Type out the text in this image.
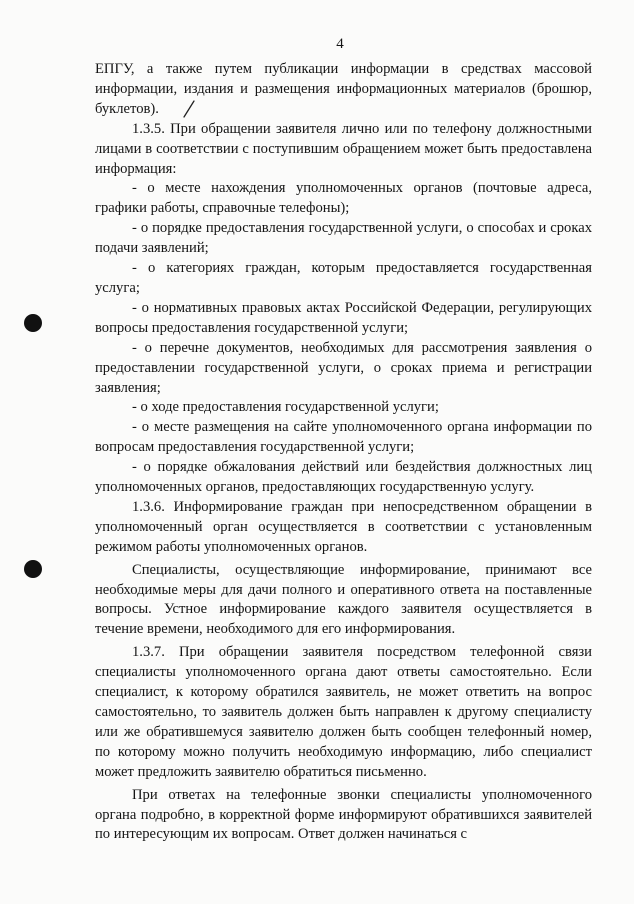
4

ЕПГУ, а также путем публикации информации в средствах массовой информации, издания и размещения информационных материалов (брошюр, буклетов).

1.3.5. При обращении заявителя лично или по телефону должностными лицами в соответствии с поступившим обращением может быть предоставлена информация:

- о месте нахождения уполномоченных органов (почтовые адреса, графики работы, справочные телефоны);

- о порядке предоставления государственной услуги, о способах и сроках подачи заявлений;

- о категориях граждан, которым предоставляется государственная услуга;

- о нормативных правовых актах Российской Федерации, регулирующих вопросы предоставления государственной услуги;

- о перечне документов, необходимых для рассмотрения заявления о предоставлении государственной услуги, о сроках приема и регистрации заявления;

- о ходе предоставления государственной услуги;

- о месте размещения на сайте уполномоченного органа информации по вопросам предоставления государственной услуги;

- о порядке обжалования действий или бездействия должностных лиц уполномоченных органов, предоставляющих государственную услугу.

1.3.6. Информирование граждан при непосредственном обращении в уполномоченный орган осуществляется в соответствии с установленным режимом работы уполномоченных органов.

Специалисты, осуществляющие информирование, принимают все необходимые меры для дачи полного и оперативного ответа на поставленные вопросы. Устное информирование каждого заявителя осуществляется в течение времени, необходимого для его информирования.

1.3.7. При обращении заявителя посредством телефонной связи специалисты уполномоченного органа дают ответы самостоятельно. Если специалист, к которому обратился заявитель, не может ответить на вопрос самостоятельно, то заявитель должен быть направлен к другому специалисту или же обратившемуся заявителю должен быть сообщен телефонный номер, по которому можно получить необходимую информацию, либо специалист может предложить заявителю обратиться письменно.

При ответах на телефонные звонки специалисты уполномоченного органа подробно, в корректной форме информируют обратившихся заявителей по интересующим их вопросам. Ответ должен начинаться с
